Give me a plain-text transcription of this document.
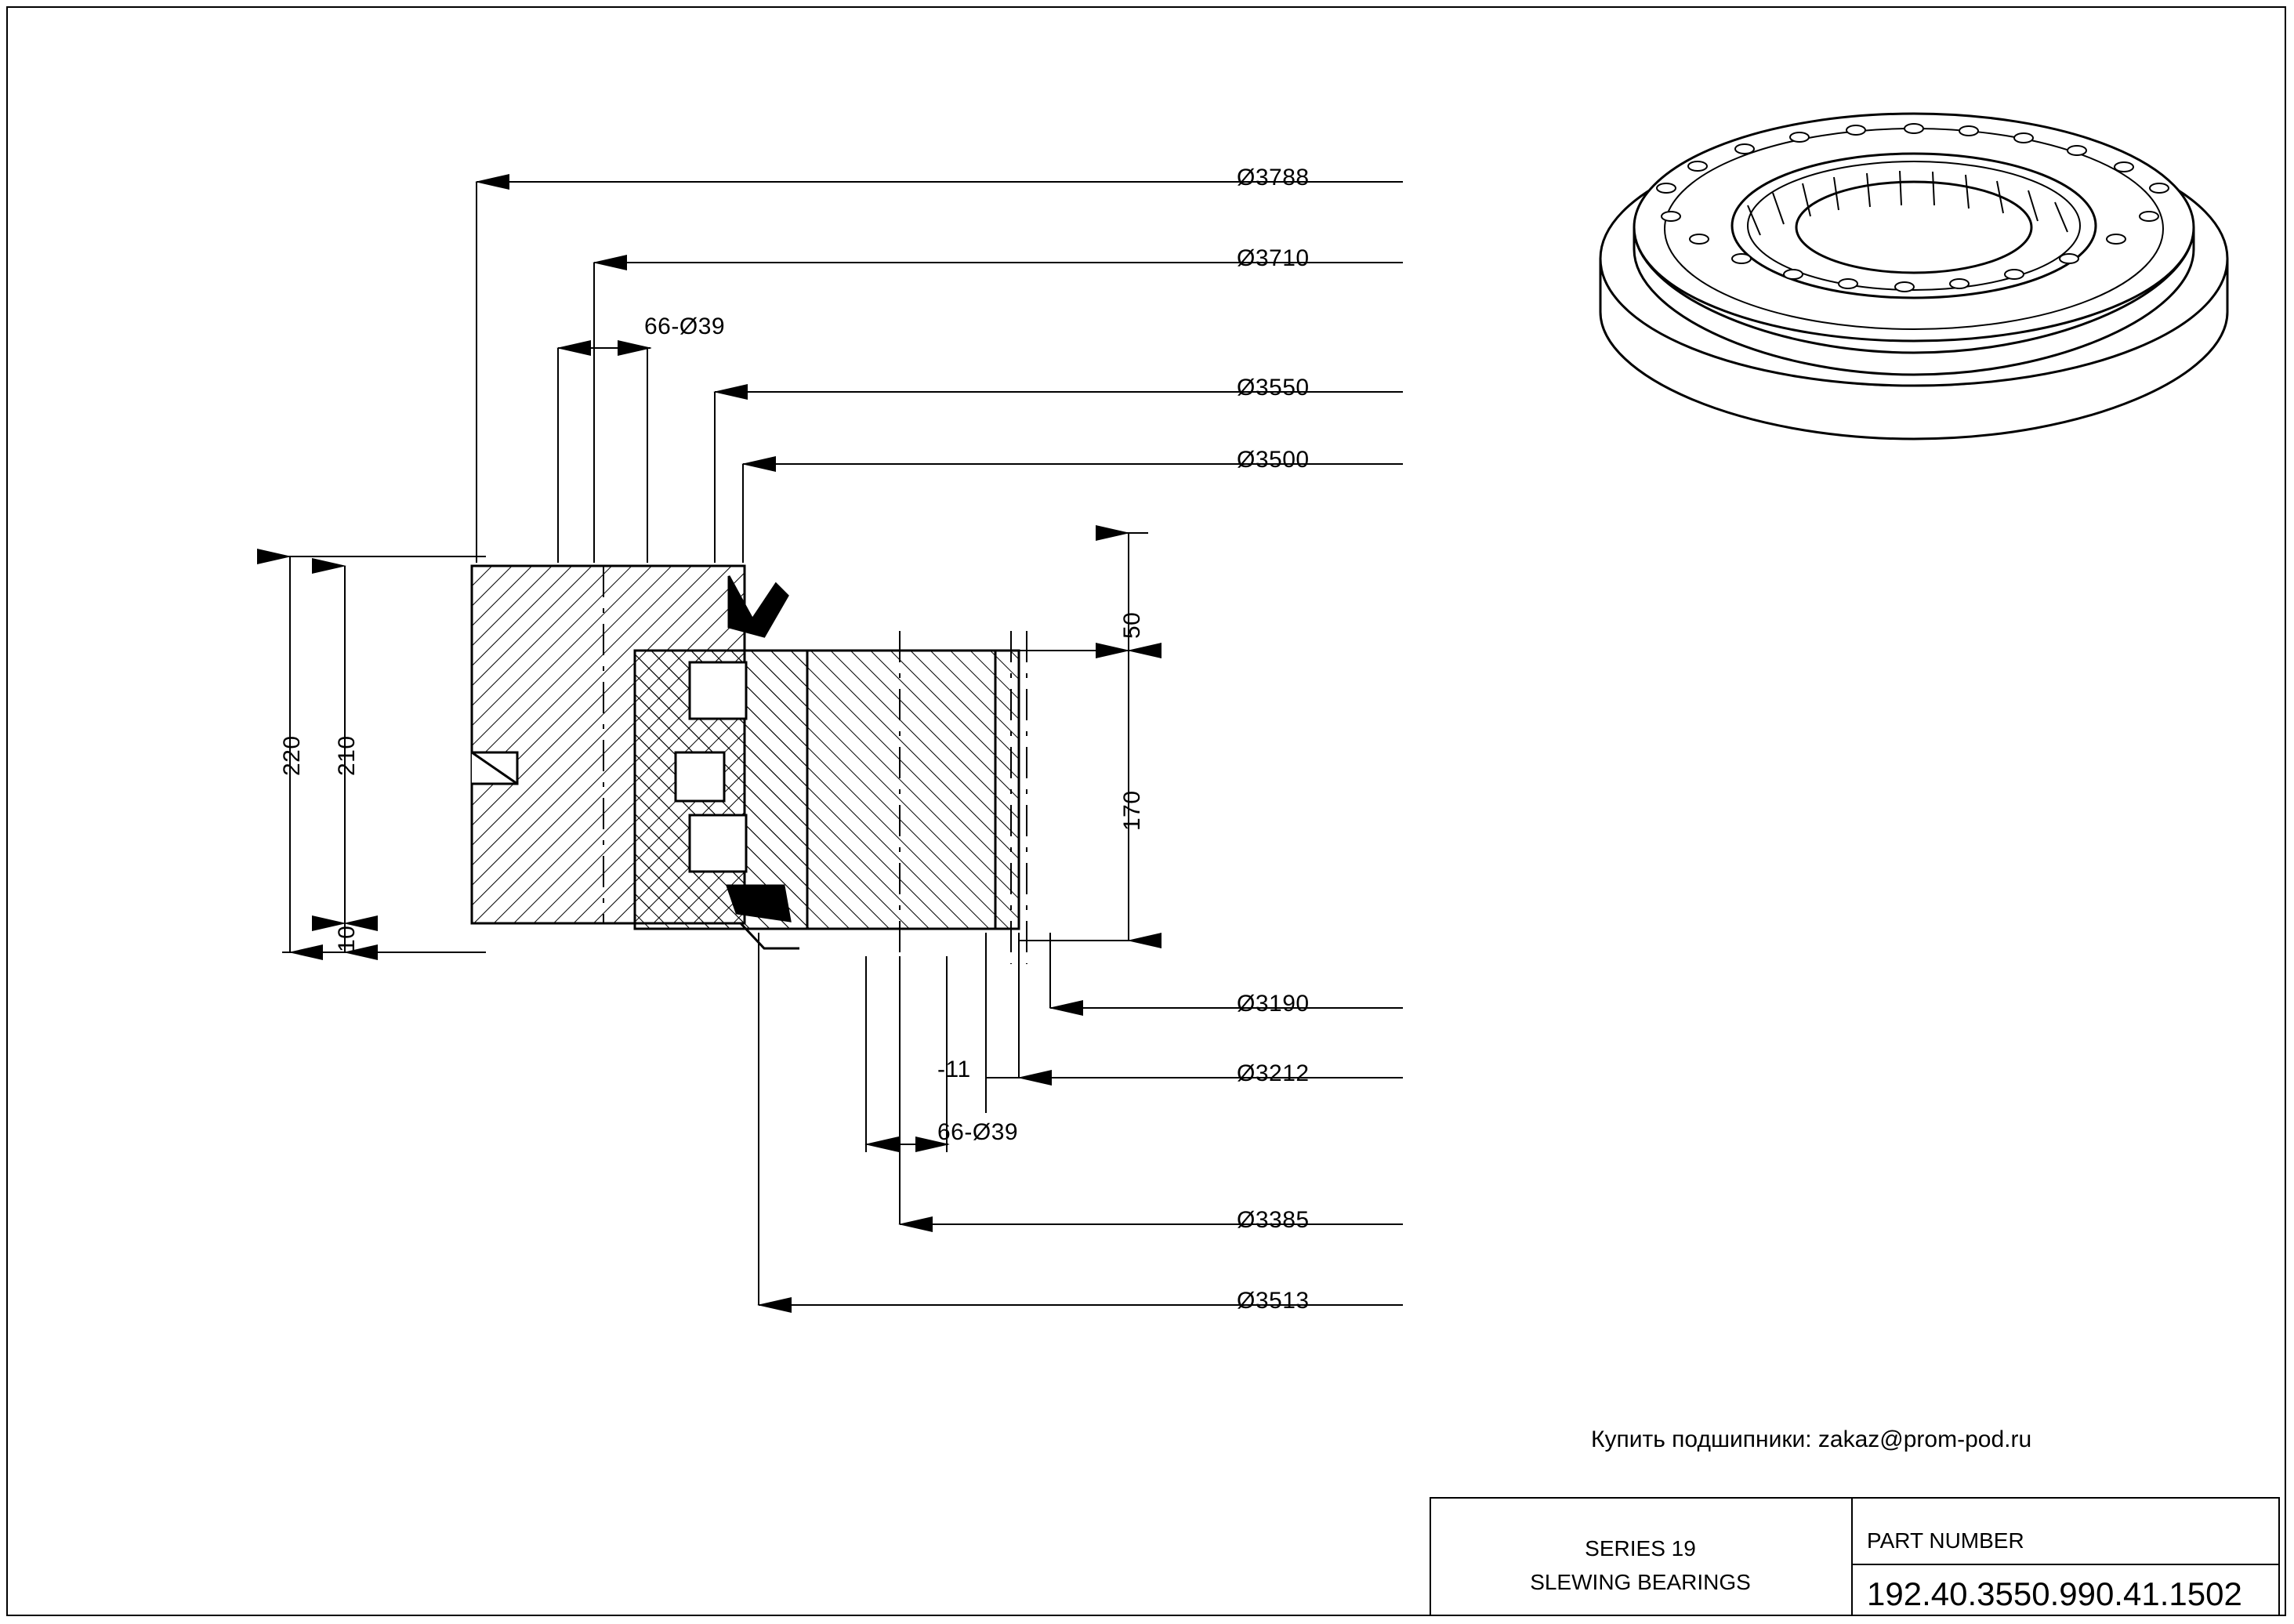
Ø3788
Ø3710
66-Ø39
Ø3550
Ø3500
Ø3190
Ø3212
-11
66-Ø39
Ø3385
Ø3513
220 210
10
50
170
Купить подшипники: zakaz@prom-pod.ru
SERIES 19
SLEWING BEARINGS
PART NUMBER
192.40.3550.990.41.1502
